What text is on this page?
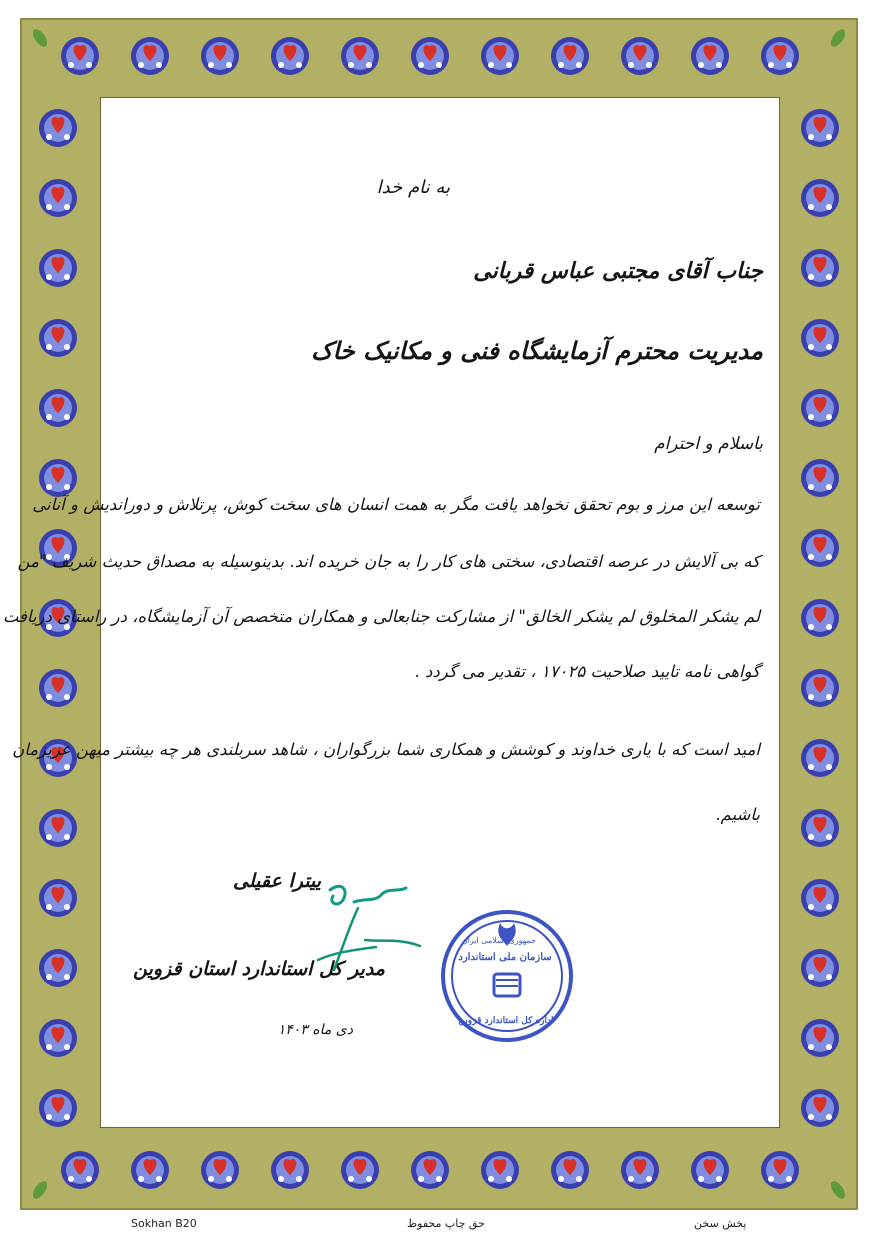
به نام خدا
جناب آقای مجتبی عباس قربانی
مدیریت محترم آزمایشگاه فنی و مکانیک خاک
باسلام و احترام
توسعه این مرز و بوم تحقق نخواهد یافت مگر به همت انسان های سخت کوش، پرتلاش و دوراندیش و آنانی
که بی آلایش در عرصه اقتصادی، سختی های کار را به جان خریده اند. بدینوسیله به مصداق حدیث شریف "من
لم یشکر المخلوق لم یشکر الخالق" از مشارکت جنابعالی و همکاران متخصص آن آزمایشگاه، در راستای دریافت
گواهی نامه تایید صلاحیت ۱۷۰۲۵ ، تقدیر می گردد .
امید است که با یاری خداوند و کوشش و همکاری شما بزرگواران ، شاهد سربلندی هر چه بیشتر میهن عزیزمان
باشیم.
ییترا عقیلی
مدیر کل استاندارد استان قزوین
دی ماه ۱۴۰۳
جمهوری اسلامی ایران
سازمان ملی استاندارد
اداره کل استاندارد قزوین
Sokhan B20	حق چاپ محفوظ	پخش سخن
